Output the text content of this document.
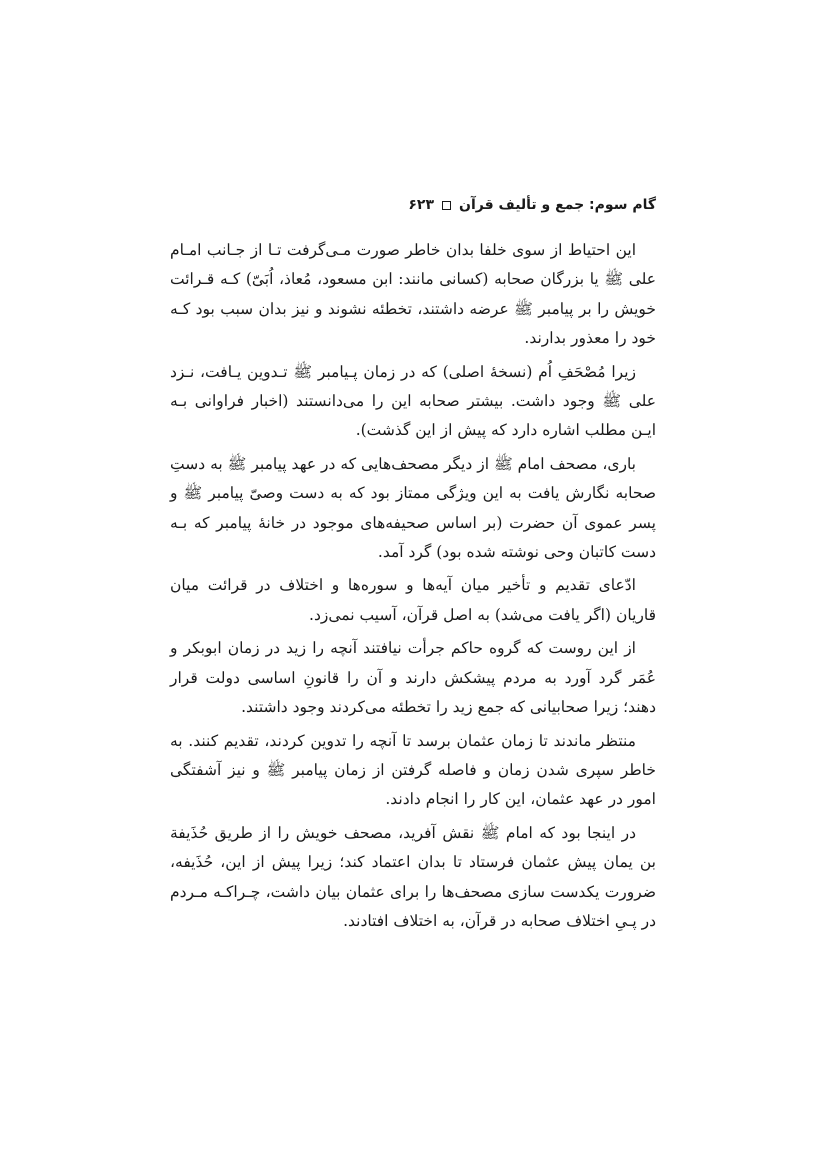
گام سوم: جمع و تألیف قرآن
۶۲۳

این احتیاط از سوی خلفا بدان خاطر صورت مـی‌گرفت تـا از جـانب امـام علی ﷺ یا بزرگان صحابه (کسانی مانند: ابن مسعود، مُعاذ، اُبَیّ) کـه قـرائت خویش را بر پیامبر ﷺ عرضه داشتند، تخطئه نشوند و نیز بدان سبب بود کـه خود را معذور بدارند.

زیرا مُصْحَفِ اُم (نسخهٔ اصلی) که در زمان پـیامبر ﷺ تـدوین یـافت، نـزد علی ﷺ وجود داشت. بیشتر صحابه این را می‌دانستند (اخبار فراوانی بـه ایـن مطلب اشاره دارد که پیش از این گذشت).

باری، مصحف امام ﷺ از دیگر مصحف‌هایی که در عهد پیامبر ﷺ به دستِ صحابه نگارش یافت به این ویژگی ممتاز بود که به دست وصیّ پیامبر ﷺ و پسر عموی آن حضرت (بر اساس صحیفه‌های موجود در خانهٔ پیامبر که بـه دست کاتبان وحی نوشته شده بود) گرد آمد.

ادّعای تقدیم و تأخیر میان آیه‌ها و سوره‌ها و اختلاف در قرائت میان قاریان (اگر یافت می‌شد) به اصل قرآن، آسیب نمی‌زد.

از این روست که گروه حاکم جرأت نیافتند آنچه را زید در زمان ابوبکر و عُمَر گرد آورد به مردم پیشکش دارند و آن را قانونِ اساسی دولت قرار دهند؛ زیرا صحابیانی که جمع زید را تخطئه می‌کردند وجود داشتند.

منتظر ماندند تا زمان عثمان برسد تا آنچه را تدوین کردند، تقدیم کنند. به خاطر سپری شدن زمان و فاصله گرفتن از زمان پیامبر ﷺ و نیز آشفتگی امور در عهد عثمان، این کار را انجام دادند.

در اینجا بود که امام ﷺ نقش آفرید، مصحف خویش را از طریق حُذَیفة بن یمان پیش عثمان فرستاد تا بدان اعتماد کند؛ زیرا پیش از این، حُذَیفه، ضرورت یکدست سازی مصحف‌ها را برای عثمان بیان داشت، چـراکـه مـردم در پـیِ اختلاف صحابه در قرآن، به اختلاف افتادند.
